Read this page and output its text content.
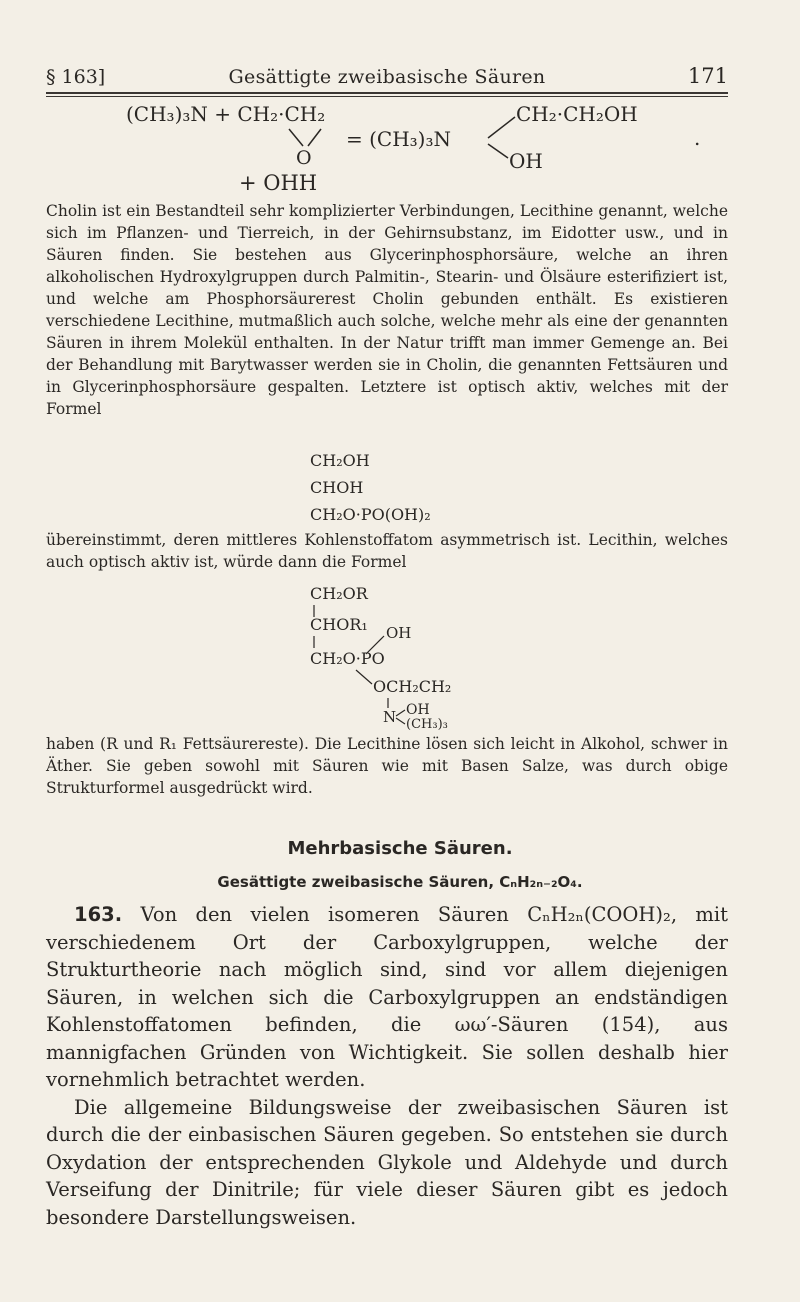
§ 163]	Gesättigte zweibasische Säuren	171
(CH₃)₃N + CH₂·CH₂
O
= (CH₃)₃N
CH₂·CH₂OH
OH
.
+ OHH
CH₂OH
CHOH
CH₂O·PO(OH)₂
CH₂OR
CHOR₁ OH
CH₂O·PO
OCH₂CH₂
N OH
(CH₃)₃
Cholin ist ein Bestandteil sehr komplizierter Verbindungen, Lecithine genannt, welche sich im Pflanzen- und Tierreich, in der Gehirnsubstanz, im Eidotter usw., und in Säuren finden. Sie bestehen aus Glycerinphosphorsäure, welche an ihren alkoholischen Hydroxylgruppen durch Palmitin-, Stearin- und Ölsäure esterifiziert ist, und welche am Phosphorsäurerest Cholin gebunden enthält. Es existieren verschiedene Lecithine, mutmaßlich auch solche, welche mehr als eine der genannten Säuren in ihrem Molekül enthalten. In der Natur trifft man immer Gemenge an. Bei der Behandlung mit Barytwasser werden sie in Cholin, die genannten Fettsäuren und in Glycerinphosphorsäure gespalten. Letztere ist optisch aktiv, welches mit der Formel
übereinstimmt, deren mittleres Kohlenstoffatom asymmetrisch ist. Lecithin, welches auch optisch aktiv ist, würde dann die Formel
haben (R und R₁ Fettsäurereste). Die Lecithine lösen sich leicht in Alkohol, schwer in Äther. Sie geben sowohl mit Säuren wie mit Basen Salze, was durch obige Strukturformel ausgedrückt wird.
Mehrbasische Säuren.
Gesättigte zweibasische Säuren, CₙH₂ₙ₋₂O₄.

163. Von den vielen isomeren Säuren CₙH₂ₙ(COOH)₂, mit verschiedenem Ort der Carboxylgruppen, welche der Strukturtheorie nach möglich sind, sind vor allem diejenigen Säuren, in welchen sich die Carboxylgruppen an endständigen Kohlenstoffatomen befinden, die ωω′-Säuren (154), aus mannigfachen Gründen von Wichtigkeit. Sie sollen deshalb hier vornehmlich betrachtet werden.

Die allgemeine Bildungsweise der zweibasischen Säuren ist durch die der einbasischen Säuren gegeben. So entstehen sie durch Oxydation der entsprechenden Glykole und Aldehyde und durch Verseifung der Dinitrile; für viele dieser Säuren gibt es jedoch besondere Darstellungsweisen.
